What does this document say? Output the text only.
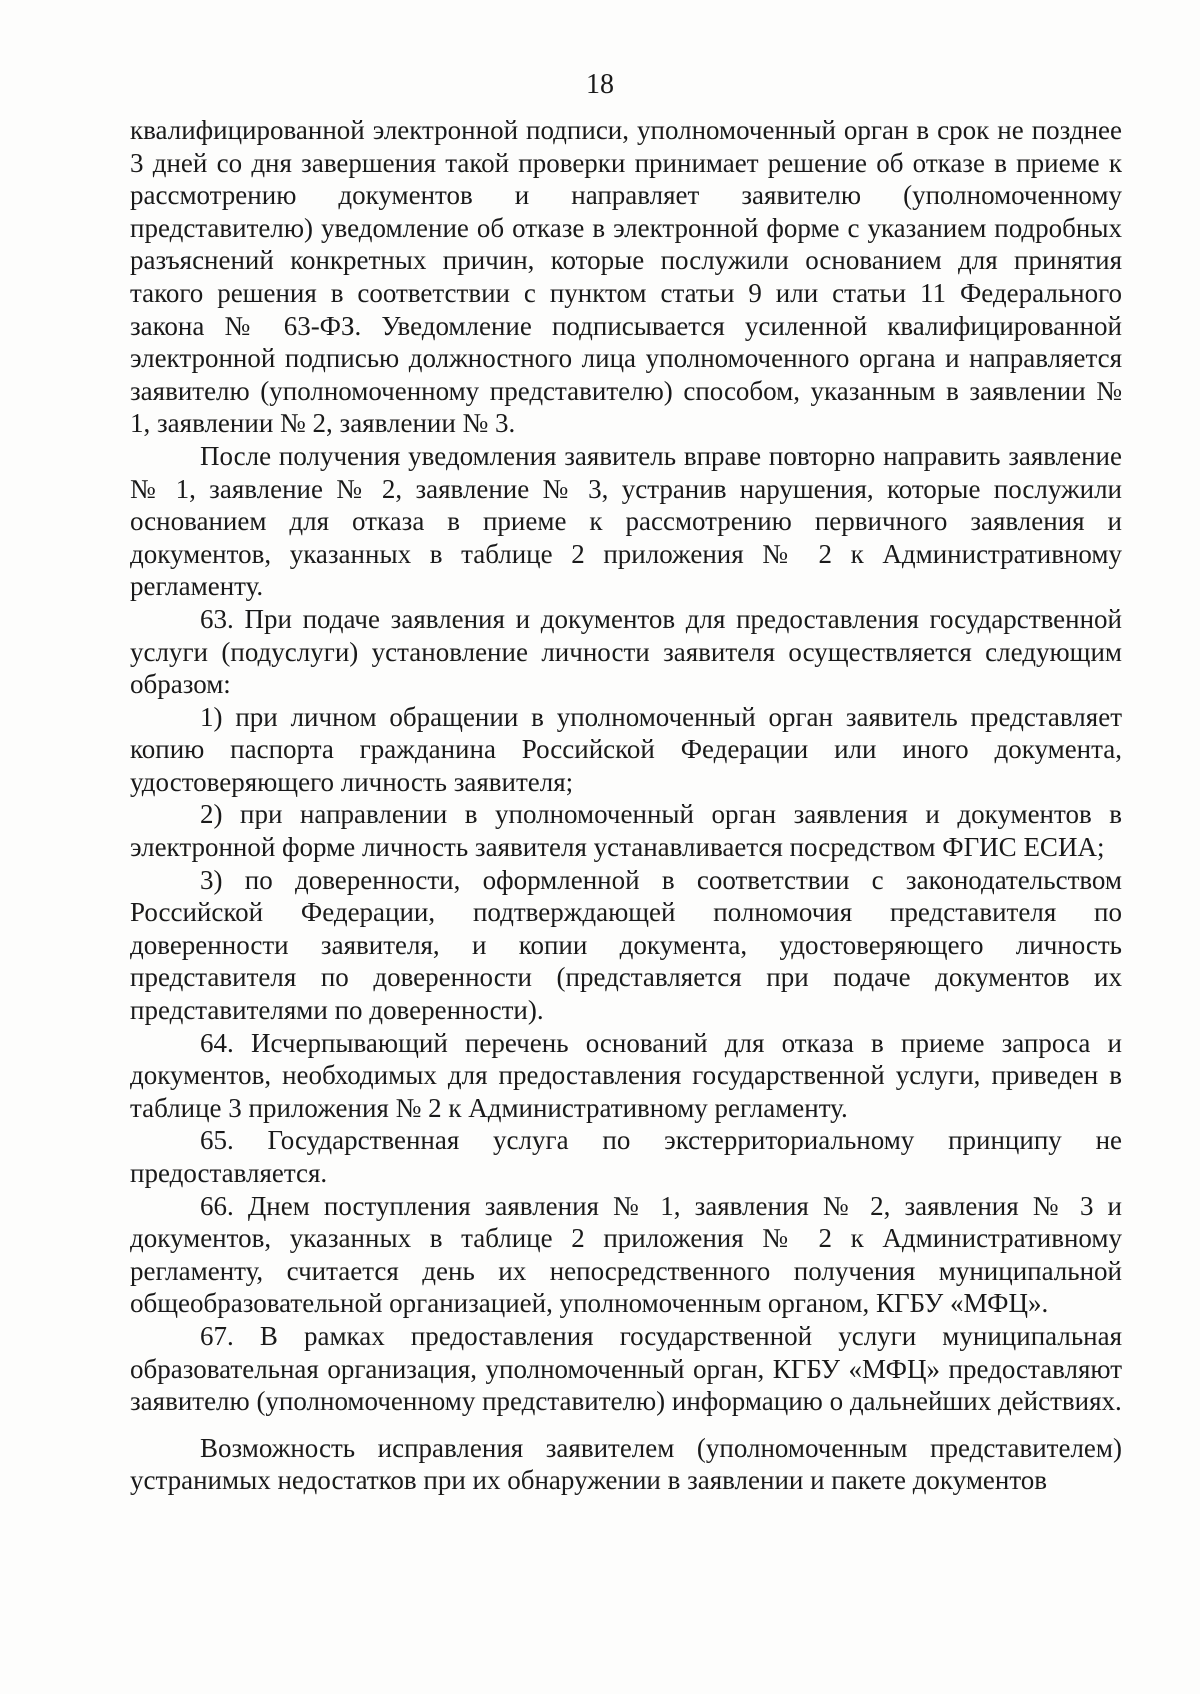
18

квалифицированной электронной подписи, уполномоченный орган в срок не позднее 3 дней со дня завершения такой проверки принимает решение об отказе в приеме к рассмотрению документов и направляет заявителю (уполномоченному представителю) уведомление об отказе в электронной форме с указанием подробных разъяснений конкретных причин, которые послужили основанием для принятия такого решения в соответствии с пунктом статьи 9 или статьи 11 Федерального закона № 63-ФЗ. Уведомление подписывается усиленной квалифицированной электронной подписью должностного лица уполномоченного органа и направляется заявителю (уполномоченному представителю) способом, указанным в заявлении № 1, заявлении № 2, заявлении № 3.

После получения уведомления заявитель вправе повторно направить заявление № 1, заявление № 2, заявление № 3, устранив нарушения, которые послужили основанием для отказа в приеме к рассмотрению первичного заявления и документов, указанных в таблице 2 приложения № 2 к Административному регламенту.

63. При подаче заявления и документов для предоставления государственной услуги (подуслуги) установление личности заявителя осуществляется следующим образом:

1) при личном обращении в уполномоченный орган заявитель представляет копию паспорта гражданина Российской Федерации или иного документа, удостоверяющего личность заявителя;

2) при направлении в уполномоченный орган заявления и документов в электронной форме личность заявителя устанавливается посредством ФГИС ЕСИА;

3) по доверенности, оформленной в соответствии с законодательством Российской Федерации, подтверждающей полномочия представителя по доверенности заявителя, и копии документа, удостоверяющего личность представителя по доверенности (представляется при подаче документов их представителями по доверенности).

64. Исчерпывающий перечень оснований для отказа в приеме запроса и документов, необходимых для предоставления государственной услуги, приведен в таблице 3 приложения № 2 к Административному регламенту.

65. Государственная услуга по экстерриториальному принципу не предоставляется.

66. Днем поступления заявления № 1, заявления № 2, заявления № 3 и документов, указанных в таблице 2 приложения № 2 к Административному регламенту, считается день их непосредственного получения муниципальной общеобразовательной организацией, уполномоченным органом, КГБУ «МФЦ».

67. В рамках предоставления государственной услуги муниципальная образовательная организация, уполномоченный орган, КГБУ «МФЦ» предоставляют заявителю (уполномоченному представителю) информацию о дальнейших действиях.

Возможность исправления заявителем (уполномоченным представителем) устранимых недостатков при их обнаружении в заявлении и пакете документов
